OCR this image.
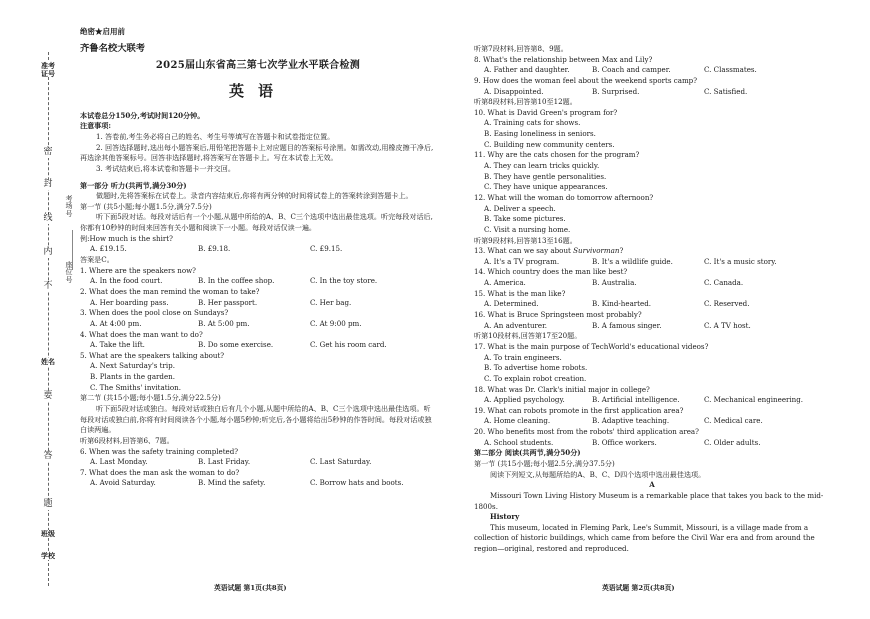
准考证号
密
封
线
内
不
姓名
要
答
题
班级
学校
考场号
座位号
绝密★启用前
齐鲁名校大联考
2025届山东省高三第七次学业水平联合检测
英语
本试卷总分150分,考试时间120分钟。
注意事项:
1. 答卷前,考生务必将自己的姓名、考生号等填写在答题卡和试卷指定位置。
2. 回答选择题时,选出每小题答案后,用铅笔把答题卡上对应题目的答案标号涂黑。如需改动,用橡皮擦干净后,再选涂其他答案标号。回答非选择题时,将答案写在答题卡上。写在本试卷上无效。
3. 考试结束后,将本试卷和答题卡一并交回。
第一部分 听力(共两节,满分30分)
做题时,先将答案标在试卷上。录音内容结束后,你将有两分钟的时间将试卷上的答案转涂到答题卡上。
第一节 (共5小题;每小题1.5分,满分7.5分)
听下面5段对话。每段对话后有一个小题,从题中所给的A、B、C三个选项中选出最佳选项。听完每段对话后,你都有10秒钟的时间来回答有关小题和阅读下一小题。每段对话仅读一遍。
例:How much is the shirt?
A. £19.15.	B. £9.18.	C. £9.15.
答案是C。
1. Where are the speakers now?
A. In the food court.	B. In the coffee shop.	C. In the toy store.
2. What does the man remind the woman to take?
A. Her boarding pass.	B. Her passport.	C. Her bag.
3. When does the pool close on Sundays?
A. At 4:00 pm.	B. At 5:00 pm.	C. At 9:00 pm.
4. What does the man want to do?
A. Take the lift.	B. Do some exercise.	C. Get his room card.
5. What are the speakers talking about?
A. Next Saturday's trip.
B. Plants in the garden.
C. The Smiths' invitation.
第二节 (共15小题;每小题1.5分,满分22.5分)
听下面5段对话或独白。每段对话或独白后有几个小题,从题中所给的A、B、C三个选项中选出最佳选项。听每段对话或独白前,你将有时间阅读各个小题,每小题5秒钟;听完后,各小题将给出5秒钟的作答时间。每段对话或独白读两遍。
听第6段材料,回答第6、7题。
6. When was the safety training completed?
A. Last Monday.	B. Last Friday.	C. Last Saturday.
7. What does the man ask the woman to do?
A. Avoid Saturday.	B. Mind the safety.	C. Borrow hats and boots.
英语试题 第1页(共8页)
听第7段材料,回答第8、9题。
8. What's the relationship between Max and Lily?
A. Father and daughter.	B. Coach and camper.	C. Classmates.
9. How does the woman feel about the weekend sports camp?
A. Disappointed.	B. Surprised.	C. Satisfied.
听第8段材料,回答第10至12题。
10. What is David Green's program for?
A. Training cats for shows.
B. Easing loneliness in seniors.
C. Building new community centers.
11. Why are the cats chosen for the program?
A. They can learn tricks quickly.
B. They have gentle personalities.
C. They have unique appearances.
12. What will the woman do tomorrow afternoon?
A. Deliver a speech.
B. Take some pictures.
C. Visit a nursing home.
听第9段材料,回答第13至16题。
13. What can we say about Survivorman?
A. It's a TV program.	B. It's a wildlife guide.	C. It's a music story.
14. Which country does the man like best?
A. America.	B. Australia.	C. Canada.
15. What is the man like?
A. Determined.	B. Kind-hearted.	C. Reserved.
16. What is Bruce Springsteen most probably?
A. An adventurer.	B. A famous singer.	C. A TV host.
听第10段材料,回答第17至20题。
17. What is the main purpose of TechWorld's educational videos?
A. To train engineers.
B. To advertise home robots.
C. To explain robot creation.
18. What was Dr. Clark's initial major in college?
A. Applied psychology.	B. Artificial intelligence.	C. Mechanical engineering.
19. What can robots promote in the first application area?
A. Home cleaning.	B. Adaptive teaching.	C. Medical care.
20. Who benefits most from the robots' third application area?
A. School students.	B. Office workers.	C. Older adults.
第二部分 阅读(共两节,满分50分)
第一节 (共15小题;每小题2.5分,满分37.5分)
阅读下列短文,从每题所给的A、B、C、D四个选项中选出最佳选项。
A
Missouri Town Living History Museum is a remarkable place that takes you back to the mid-1800s.
History
This museum, located in Fleming Park, Lee's Summit, Missouri, is a village made from a collection of historic buildings, which came from before the Civil War era and from around the region—original, restored and reproduced.
英语试题 第2页(共8页)
